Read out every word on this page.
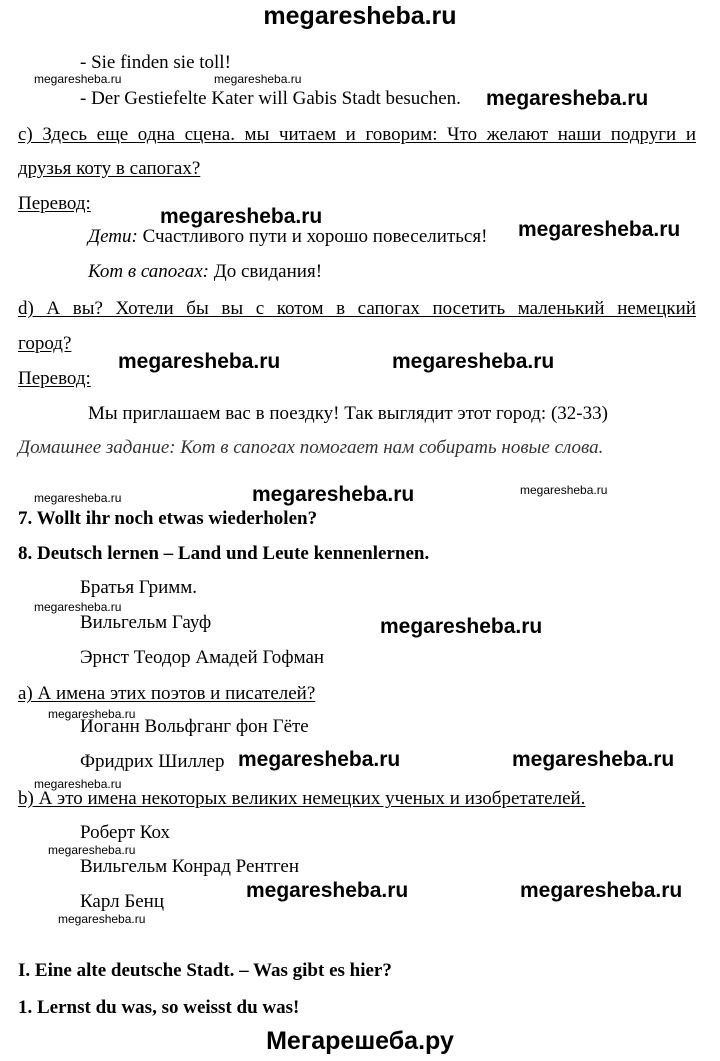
megaresheba.ru
- Sie finden sie toll!
megaresheba.ru	megaresheba.ru
- Der Gestiefelte Kater will Gabis Stadt besuchen. megaresheba.ru
с) Здесь еще одна сцена. мы читаем и говорим: Что желают наши подруги и
друзья коту в сапогах?
Перевод:
megaresheba.ru
Дети: Счастливого пути и хорошо повеселиться! megaresheba.ru
Кот в сапогах: До свидания!
d) А вы? Хотели бы вы с котом в сапогах посетить маленький немецкий
город?
megaresheba.ru	megaresheba.ru
Перевод:
Мы приглашаем вас в поездку! Так выглядит этот город: (32-33)
Домашнее задание: Кот в сапогах помогает нам собирать новые слова.
megaresheba.ru	megaresheba.ru	megaresheba.ru
7. Wollt ihr noch etwas wiederholen?
8. Deutsch lernen – Land und Leute kennenlernen.
Братья Гримм.
megaresheba.ru
Вильгельм Гауф	megaresheba.ru
Эрнст Теодор Амадей Гофман
а) А имена этих поэтов и писателей?
megaresheba.ru
Иоганн Вольфганг фон Гёте
Фридрих Шиллер megaresheba.ru	megaresheba.ru
megaresheba.ru
b) А это имена некоторых великих немецких ученых и изобретателей.
Роберт Кох
megaresheba.ru
Вильгельм Конрад Рентген
Карл Бенц	megaresheba.ru	megaresheba.ru
megaresheba.ru
I. Eine alte deutsche Stadt. – Was gibt es hier?
1. Lernst du was, so weisst du was!
Мегарешеба.ру
